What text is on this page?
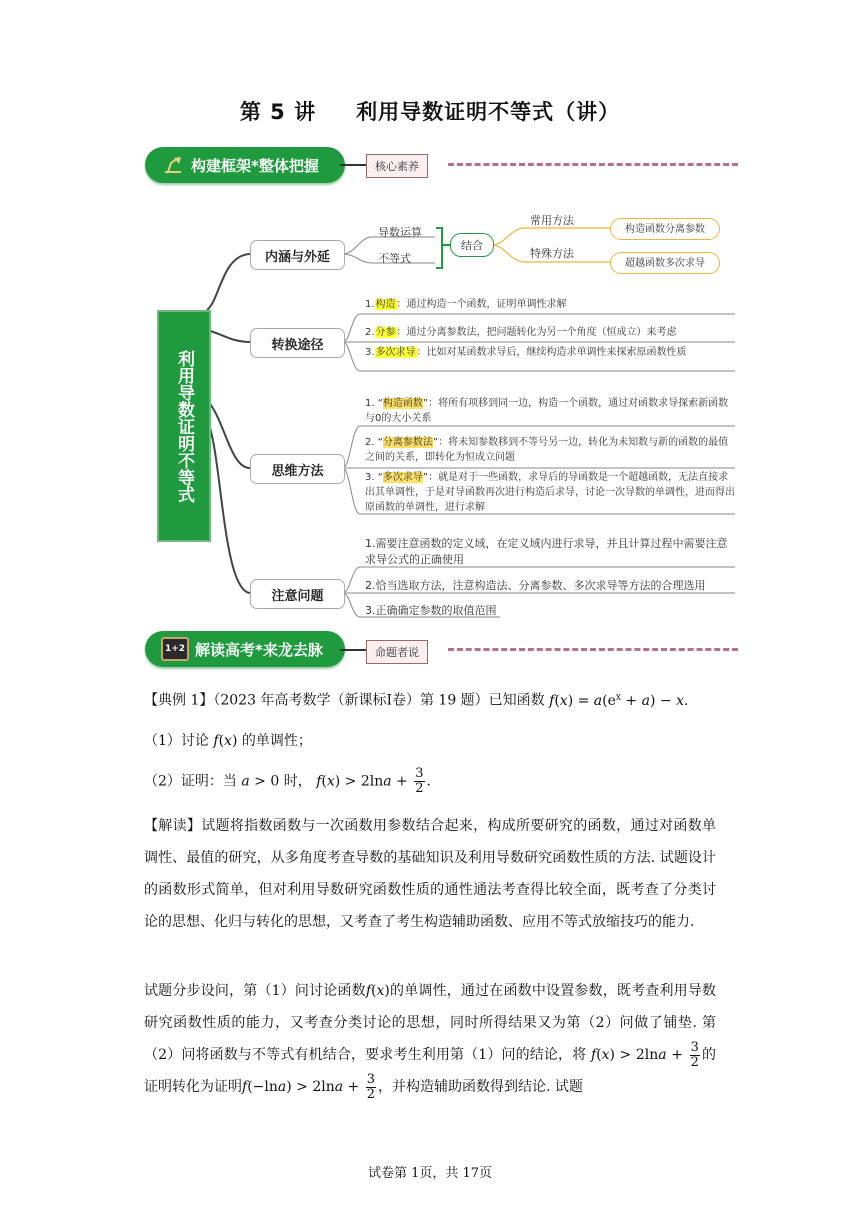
第 5 讲 利用导数证明不等式（讲）
构建框架*整体把握	核心素养
利用导数证明不等式
内涵与外延
导数运算
不等式
结合
常用方法
特殊方法
构造函数分离参数
超越函数多次求导
转换途径
1.构造：通过构造一个函数，证明单调性求解
2.分参：通过分离参数法，把问题转化为另一个角度（恒成立）来考虑
3.多次求导：比如对某函数求导后，继续构造求单调性来探索原函数性质
思维方法
1. “构造函数”：将所有项移到同一边，构造一个函数，通过对函数求导探索新函数与0的大小关系
2. “分离参数法”：将未知参数移到不等号另一边，转化为未知数与新的函数的最值之间的关系，即转化为恒成立问题
3. “多次求导”：就是对于一些函数，求导后的导函数是一个超越函数，无法直接求出其单调性，于是对导函数再次进行构造后求导，讨论一次导数的单调性，进而得出原函数的单调性，进行求解
注意问题
1.需要注意函数的定义域，在定义域内进行求导，并且计算过程中需要注意求导公式的正确使用
2.恰当选取方法，注意构造法、分离参数、多次求导等方法的合理选用
3.正确确定参数的取值范围
1+2 解读高考*来龙去脉	命题者说
【典例 1】（2023 年高考数学（新课标Ⅰ卷）第 19 题）已知函数 $f(x) = a(e^x + a) - x$.
（1）讨论 f(x) 的单调性；
（2）证明：当 a > 0 时， $f(x) > 2\ln a + \frac{3}{2}$ .
【解读】试题将指数函数与一次函数用参数结合起来，构成所要研究的函数，通过对函数单调性、最值的研究，从多角度考查导数的基础知识及利用导数研究函数性质的方法. 试题设计的函数形式简单，但对利用导数研究函数性质的通性通法考查得比较全面，既考查了分类讨论的思想、化归与转化的思想，又考查了考生构造辅助函数、应用不等式放缩技巧的能力.
试题分步设问，第（1）问讨论函数f(x)的单调性，通过在函数中设置参数，既考查利用导数研究函数性质的能力，又考查分类讨论的思想，同时所得结果又为第（2）问做了铺垫. 第（2）问将函数与不等式有机结合，要求考生利用第（1）问的结论，将 $f(x) > 2\ln a + \frac{3}{2}$ 的证明转化为证明$f(-\ln a) > 2\ln a + \frac{3}{2}$ ，并构造辅助函数得到结论. 试题
试卷第 1页，共 17页
